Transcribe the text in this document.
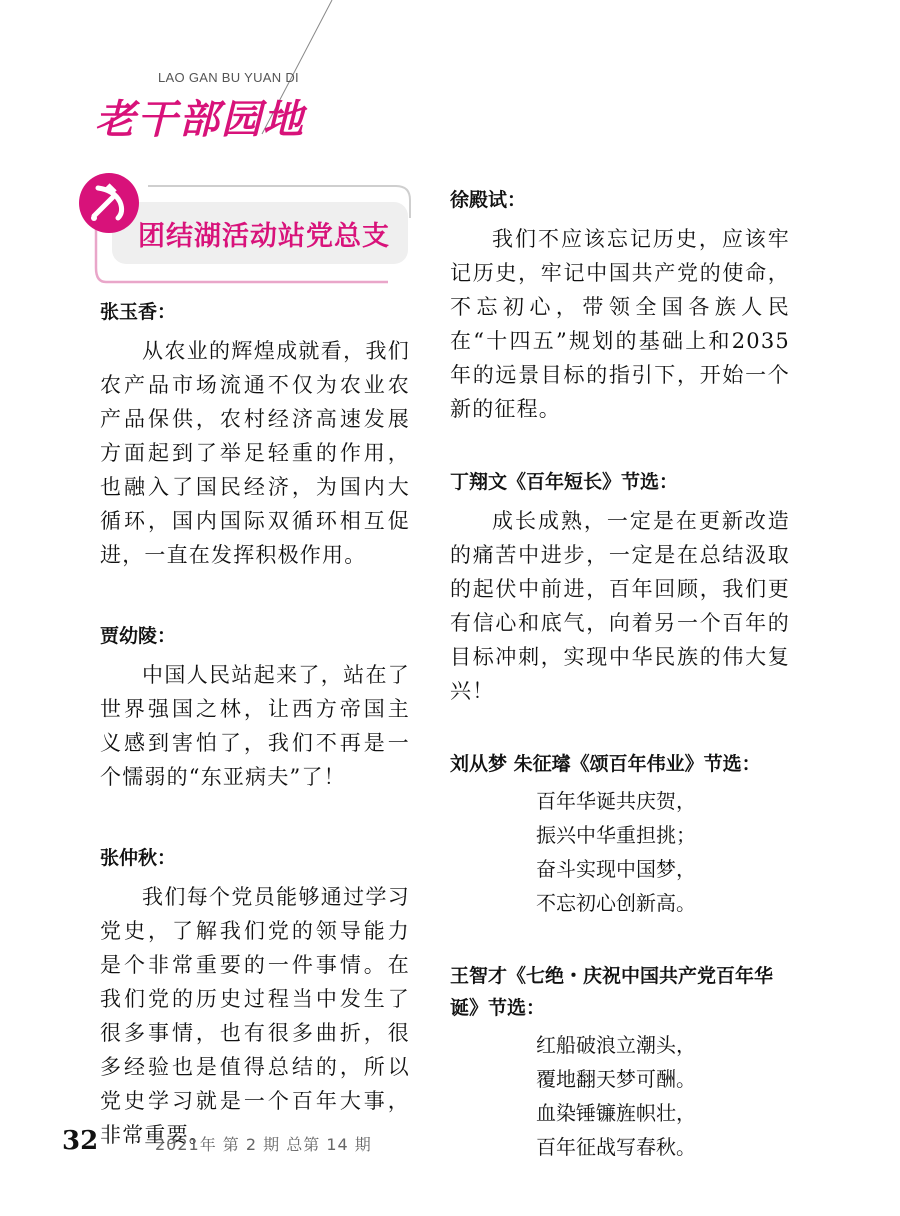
LAO GAN BU YUAN DI
老干部园地
团结湖活动站党总支

张玉香：

从农业的辉煌成就看，我们农产品市场流通不仅为农业农产品保供，农村经济高速发展方面起到了举足轻重的作用，也融入了国民经济，为国内大循环，国内国际双循环相互促进，一直在发挥积极作用。

贾幼陵：

中国人民站起来了，站在了世界强国之林，让西方帝国主义感到害怕了，我们不再是一个懦弱的“东亚病夫”了！

张仲秋：

我们每个党员能够通过学习党史，了解我们党的领导能力是个非常重要的一件事情。在我们党的历史过程当中发生了很多事情，也有很多曲折，很多经验也是值得总结的，所以党史学习就是一个百年大事，非常重要。

徐殿试：

我们不应该忘记历史，应该牢记历史，牢记中国共产党的使命，不忘初心，带领全国各族人民在“十四五”规划的基础上和2035年的远景目标的指引下，开始一个新的征程。

丁翔文《百年短长》节选：

成长成熟，一定是在更新改造的痛苦中进步，一定是在总结汲取的起伏中前进，百年回顾，我们更有信心和底气，向着另一个百年的目标冲刺，实现中华民族的伟大复兴！

刘从梦 朱征璿《颂百年伟业》节选：

百年华诞共庆贺，

振兴中华重担挑；

奋斗实现中国梦，

不忘初心创新高。

王智才《七绝・庆祝中国共产党百年华诞》节选：

红船破浪立潮头，

覆地翻天梦可酬。

血染锤镰旌帜壮，

百年征战写春秋。

32	2021年 第 2 期 总第 14 期
